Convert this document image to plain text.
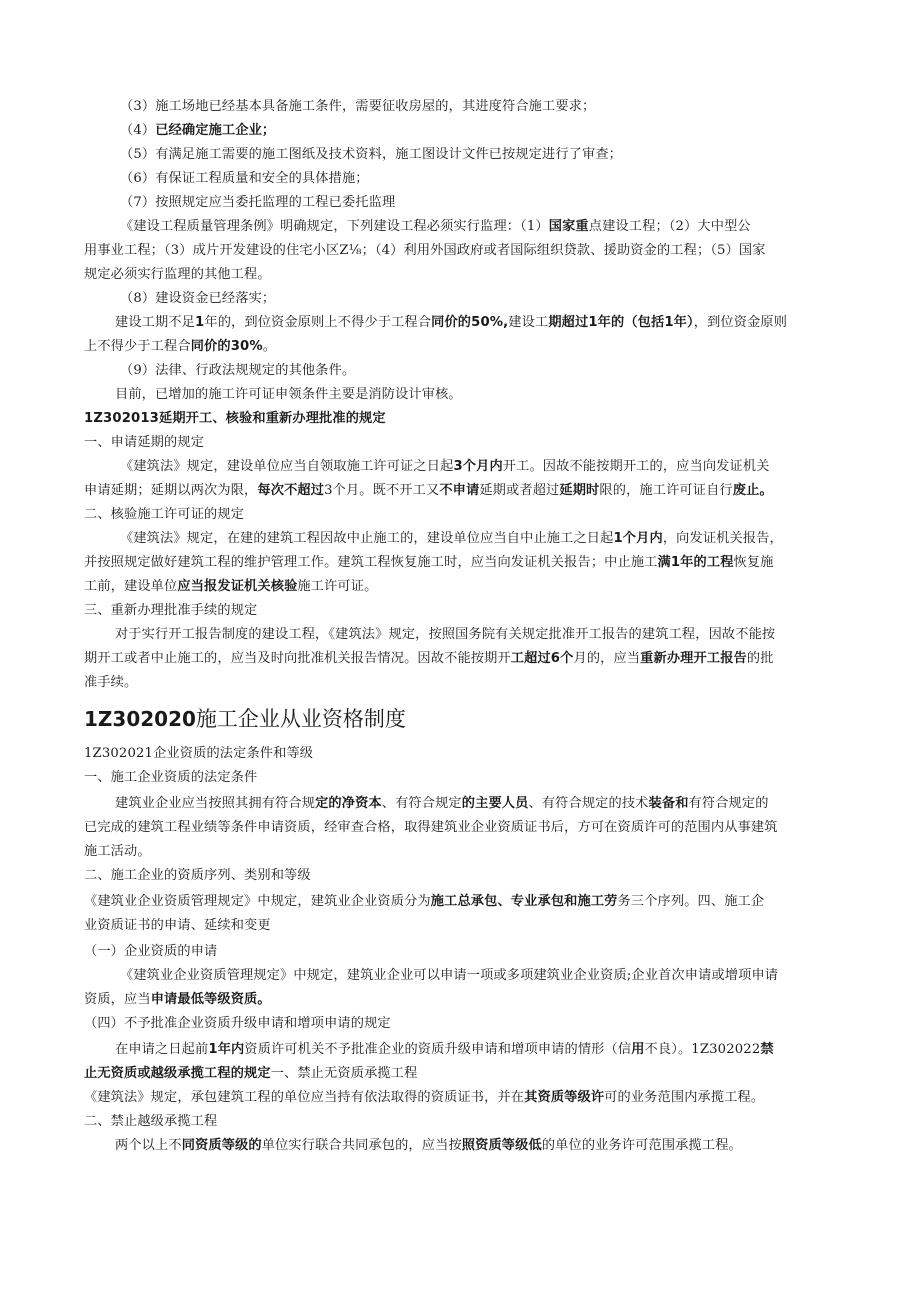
（3）施工场地已经基本具备施工条件，需要征收房屋的，其进度符合施工要求；
（4）已经确定施工企业；
（5）有满足施工需要的施工图纸及技术资料，施工图设计文件已按规定进行了审查；
（6）有保证工程质量和安全的具体措施；
（7）按照规定应当委托监理的工程已委托监理
《建设工程质量管理条例》明确规定，下列建设工程必须实行监理：（1）国家重点建设工程；（2）大中型公
用事业工程；（3）成片开发建设的住宅小区Z⅛；（4）利用外国政府或者国际组织贷款、援助资金的工程；（5）国家
规定必须实行监理的其他工程。
（8）建设资金已经落实；
建设工期不足1年的，到位资金原则上不得少于工程合同价的50%,建设工期超过1年的（包括1年），到位资金原则
上不得少于工程合同价的30%。
（9）法律、行政法规规定的其他条件。
目前，已增加的施工许可证申领条件主要是消防设计审核。
1Z302013延期开工、核验和重新办理批准的规定
一、申请延期的规定
《建筑法》规定，建设单位应当自领取施工许可证之日起3个月内开工。因故不能按期开工的，应当向发证机关
申请延期；延期以两次为限，每次不超过3个月。既不开工又不申请延期或者超过延期时限的，施工许可证自行废止。
二、核验施工许可证的规定
《建筑法》规定，在建的建筑工程因故中止施工的，建设单位应当自中止施工之日起1个月内，向发证机关报告，
并按照规定做好建筑工程的维护管理工作。建筑工程恢复施工时，应当向发证机关报告；中止施工满1年的工程恢复施
工前，建设单位应当报发证机关核验施工许可证。
三、重新办理批准手续的规定
对于实行开工报告制度的建设工程，《建筑法》规定，按照国务院有关规定批准开工报告的建筑工程，因故不能按
期开工或者中止施工的，应当及时向批准机关报告情况。因故不能按期开工超过6个月的，应当重新办理开工报告的批
准手续。
1Z302020施工企业从业资格制度
1Z302021企业资质的法定条件和等级
一、施工企业资质的法定条件
建筑业企业应当按照其拥有符合规定的净资本、有符合规定的主要人员、有符合规定的技术装备和有符合规定的
已完成的建筑工程业绩等条件申请资质，经审查合格，取得建筑业企业资质证书后，方可在资质许可的范围内从事建筑
施工活动。
二、施工企业的资质序列、类别和等级
《建筑业企业资质管理规定》中规定，建筑业企业资质分为施工总承包、专业承包和施工劳务三个序列。四、施工企
业资质证书的申请、延续和变更
（一）企业资质的申请
《建筑业企业资质管理规定》中规定，建筑业企业可以申请一项或多项建筑业企业资质;企业首次申请或增项申请
资质，应当申请最低等级资质。
（四）不予批准企业资质升级申请和增项申请的规定
在申请之日起前1年内资质许可机关不予批准企业的资质升级申请和增项申请的情形（信用不良）。1Z302022禁
止无资质或越级承揽工程的规定一、禁止无资质承揽工程
《建筑法》规定，承包建筑工程的单位应当持有依法取得的资质证书，并在其资质等级许可的业务范围内承揽工程。
二、禁止越级承揽工程
两个以上不同资质等级的单位实行联合共同承包的，应当按照资质等级低的单位的业务许可范围承揽工程。
